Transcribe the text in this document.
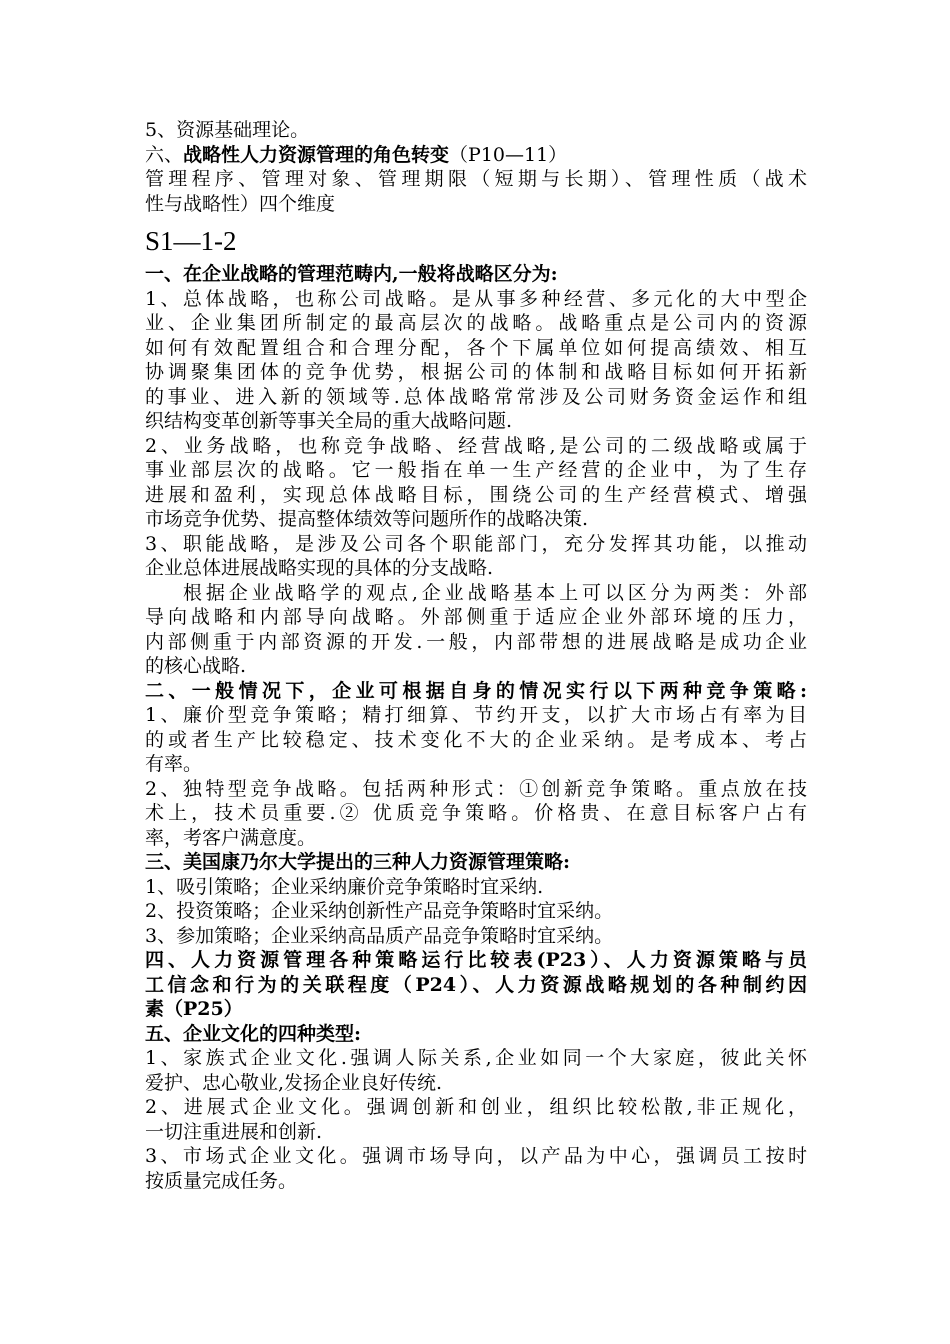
5、资源基础理论。
六、战略性人力资源管理的角色转变（P10—11）
管理程序、管理对象、管理期限（短期与长期）、管理性质（战术
性与战略性）四个维度
S1—1-2
一、在企业战略的管理范畴内,一般将战略区分为:
1、总体战略，也称公司战略。是从事多种经营、多元化的大中型企
业、企业集团所制定的最高层次的战略。战略重点是公司内的资源
如何有效配置组合和合理分配，各个下属单位如何提高绩效、相互
协调聚集团体的竞争优势，根据公司的体制和战略目标如何开拓新
的事业、进入新的领域等.总体战略常常涉及公司财务资金运作和组
织结构变革创新等事关全局的重大战略问题.
2、业务战略，也称竞争战略、经营战略,是公司的二级战略或属于
事业部层次的战略。它一般指在单一生产经营的企业中，为了生存
进展和盈利，实现总体战略目标，围绕公司的生产经营模式、增强
市场竞争优势、提高整体绩效等问题所作的战略决策.
3、职能战略，是涉及公司各个职能部门，充分发挥其功能，以推动
企业总体进展战略实现的具体的分支战略.
根据企业战略学的观点,企业战略基本上可以区分为两类：外部
导向战略和内部导向战略。外部侧重于适应企业外部环境的压力，
内部侧重于内部资源的开发.一般，内部带想的进展战略是成功企业
的核心战略.
二、一般情况下，企业可根据自身的情况实行以下两种竞争策略:
1、廉价型竞争策略；精打细算、节约开支，以扩大市场占有率为目
的或者生产比较稳定、技术变化不大的企业采纳。是考成本、考占
有率。
2、独特型竞争战略。包括两种形式：①创新竞争策略。重点放在技
术上，技术员重要.② 优质竞争策略。价格贵、在意目标客户占有
率，考客户满意度。
三、美国康乃尔大学提出的三种人力资源管理策略:
1、吸引策略；企业采纳廉价竞争策略时宜采纳.
2、投资策略；企业采纳创新性产品竞争策略时宜采纳。
3、参加策略；企业采纳高品质产品竞争策略时宜采纳。
四、人力资源管理各种策略运行比较表(P23）、人力资源策略与员
工信念和行为的关联程度（P24）、人力资源战略规划的各种制约因
素（P25）
五、企业文化的四种类型:
1、家族式企业文化.强调人际关系,企业如同一个大家庭，彼此关怀
爱护、忠心敬业,发扬企业良好传统.
2、进展式企业文化。强调创新和创业，组织比较松散,非正规化，
一切注重进展和创新.
3、市场式企业文化。强调市场导向，以产品为中心，强调员工按时
按质量完成任务。
